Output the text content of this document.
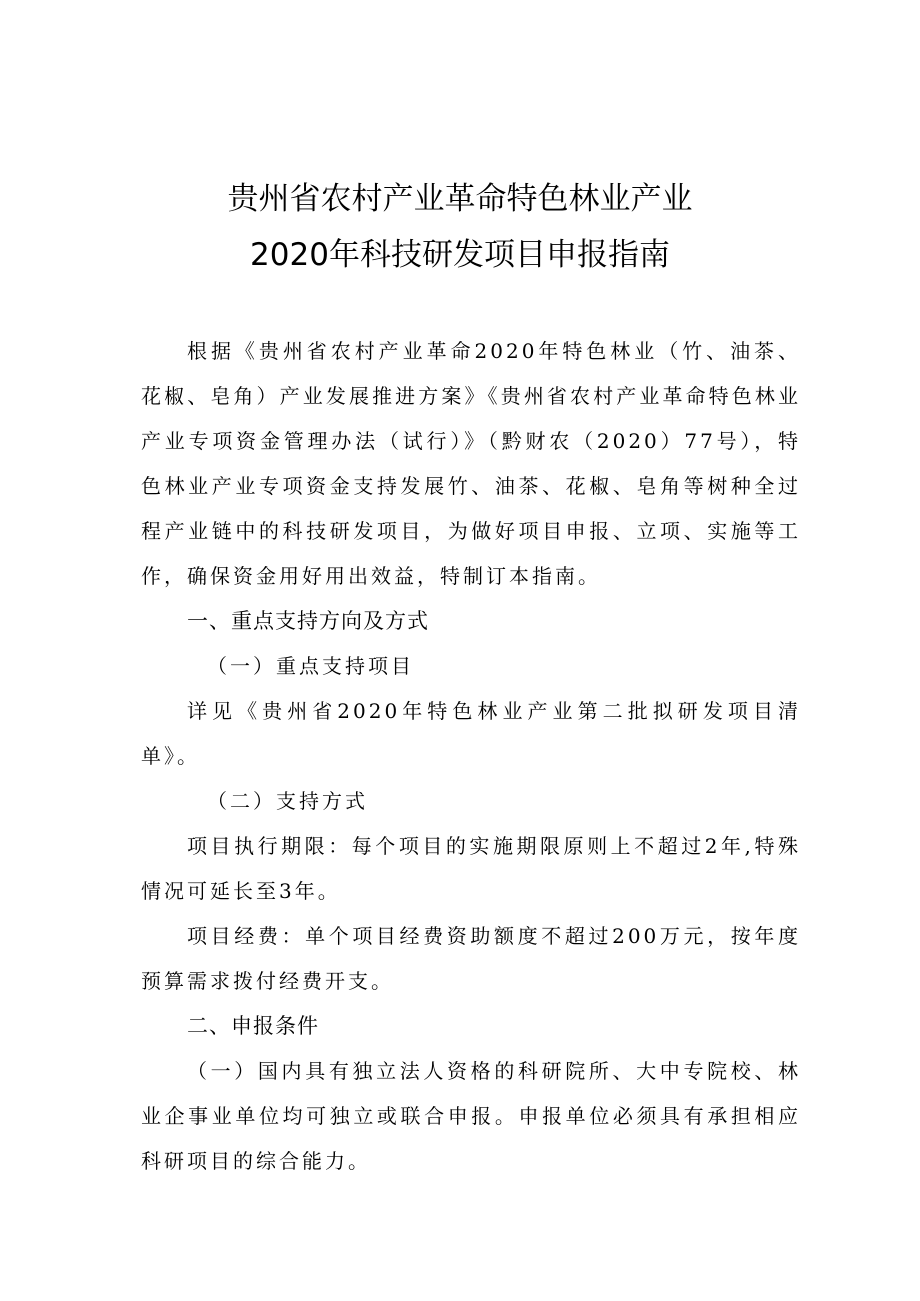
贵州省农村产业革命特色林业产业
2020年科技研发项目申报指南

根据《贵州省农村产业革命2020年特色林业（竹、油茶、花椒、皂角）产业发展推进方案》《贵州省农村产业革命特色林业产业专项资金管理办法（试行）》（黔财农（2020）77号），特色林业产业专项资金支持发展竹、油茶、花椒、皂角等树种全过程产业链中的科技研发项目，为做好项目申报、立项、实施等工作，确保资金用好用出效益，特制订本指南。

一、重点支持方向及方式

（一）重点支持项目

详见《贵州省2020年特色林业产业第二批拟研发项目清单》。

（二）支持方式

项目执行期限：每个项目的实施期限原则上不超过2年,特殊情况可延长至3年。

项目经费：单个项目经费资助额度不超过200万元，按年度预算需求拨付经费开支。

二、申报条件

（一）国内具有独立法人资格的科研院所、大中专院校、林业企事业单位均可独立或联合申报。申报单位必须具有承担相应科研项目的综合能力。
